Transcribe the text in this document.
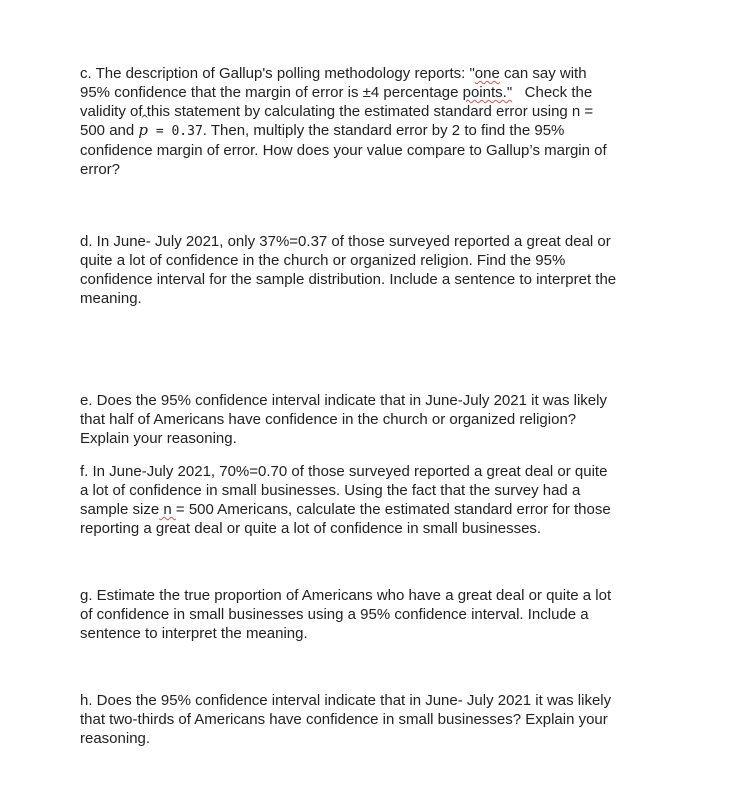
c. The description of Gallup's polling methodology reports: "one can say with
95% confidence that the margin of error is ±4 percentage points."   Check the
validity of this statement by calculating the estimated standard error using n =
500 and ^ p = 0.37. Then, multiply the standard error by 2 to find the 95%
confidence margin of error. How does your value compare to Gallup’s margin of
error?
d. In June- July 2021, only 37%=0.37 of those surveyed reported a great deal or
quite a lot of confidence in the church or organized religion. Find the 95%
confidence interval for the sample distribution. Include a sentence to interpret the
meaning.
e. Does the 95% confidence interval indicate that in June-July 2021 it was likely
that half of Americans have confidence in the church or organized religion?
Explain your reasoning.
f. In June-July 2021, 70%=0.70 of those surveyed reported a great deal or quite
a lot of confidence in small businesses. Using the fact that the survey had a
sample size n = 500 Americans, calculate the estimated standard error for those
reporting a great deal or quite a lot of confidence in small businesses.
g. Estimate the true proportion of Americans who have a great deal or quite a lot
of confidence in small businesses using a 95% confidence interval. Include a
sentence to interpret the meaning.
h. Does the 95% confidence interval indicate that in June- July 2021 it was likely
that two-thirds of Americans have confidence in small businesses? Explain your
reasoning.
